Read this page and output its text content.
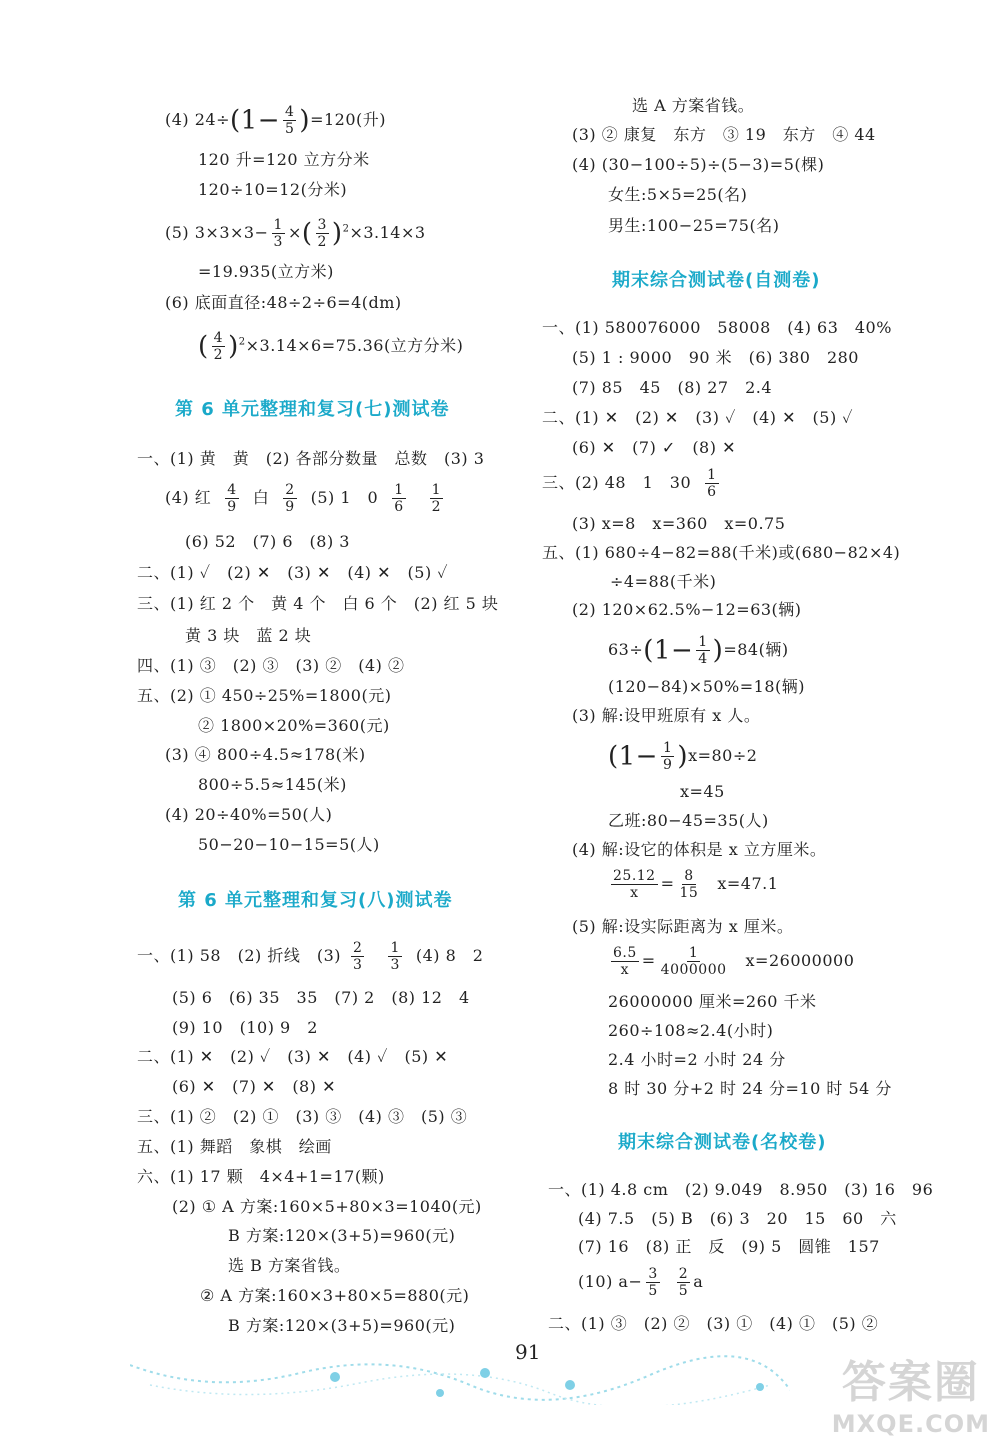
(4) $24\div(1- \frac{4}{5} )=120$(升)
120 升=120 立方分米
120÷10=12(分米)
(5) $3\times 3\times 3- \frac{1}{3}$ ×( $\frac{3}{2} )^2\times 3.14\times 3$
=19.935(立方米)
(6) 底面直径:48÷2÷6=4(dm)
( $\frac{4}{2} )^2\times 3.14\times 6=75.36$(立方分米)
第 6 单元整理和复习(七)测试卷
一、(1) 黄　黄　(2) 各部分数量　总数　(3) 3
(4) 红 $\frac{4}{9}$ 白 $\frac{2}{9} (5)$ 1　$0 \frac{1}{6} \frac{1}{2}$
(6) 52　(7) 6　(8) 3
二、(1) ✓　(2) ✕　(3) ✕　(4) ✕　(5) ✓
三、(1) 红 2 个　黄 4 个　白 6 个　(2) 红 5 块
黄 3 块　蓝 2 块
四、(1) ③　(2) ③　(3) ②　(4) ②
五、(2) ① 450÷25%=1800(元)
② 1800×20%=360(元)
(3) ④ 800÷4.5≈178(米)
800÷5.5≈145(米)
(4) 20÷40%=50(人)
50−20−10−15=5(人)
第 6 单元整理和复习(八)测试卷
一、(1) 58　(2) 折线　$(3) \frac{2}{3} \frac{1}{3} (4)$ 8　2
(5) 6　(6) 35　35　(7) 2　(8) 12　4
(9) 10　(10) 9　2
二、(1) ✕　(2) ✓　(3) ✕　(4) ✓　(5) ✕
(6) ✕　(7) ✕　(8) ✕
三、(1) ②　(2) ①　(3) ③　(4) ③　(5) ③
五、(1) 舞蹈　象棋　绘画
六、(1) 17 颗　4×4+1=17(颗)
(2) ① A 方案:160×5+80×3=1040(元)
B 方案:120×(3+5)=960(元)
选 B 方案省钱。
② A 方案:160×3+80×5=880(元)
B 方案:120×(3+5)=960(元)
选 A 方案省钱。
(3) ② 康复　东方　③ 19　东方　④ 44
(4) (30−100÷5)÷(5−3)=5(棵)
女生:5×5=25(名)
男生:100−25=75(名)
期末综合测试卷(自测卷)
一、(1) 580076000　58008　(4) 63　40%
(5) 1 : 9000　90 米　(6) 380　280
(7) 85　45　(8) 27　2.4
二、(1) ✕　(2) ✕　(3) ✓　(4) ✕　(5) ✓
(6) ✕　(7) ✓　(8) ✕
三、(2) 48　1　$30 \frac{1}{6}$
(3) x=8　x=360　x=0.75
五、(1) 680÷4−82=88(千米)或(680−82×4)
÷4=88(千米)
(2) 120×62.5%−12=63(辆)
$63\div(1- \frac{1}{4} )=84$(辆)
(120−84)×50%=18(辆)
(3) 解:设甲班原有 x 人。
$(1- \frac{1}{9} )x=80\div 2$
x=45
乙班:80−45=35(人)
(4) 解:设它的体积是 x 立方厘米。
$\frac{25.12}{x} = \frac{8}{15} x=47.1$
(5) 解:设实际距离为 x 厘米。
$\frac{6.5}{x} = \frac{1}{4000000} x=26000000$
26000000 厘米=260 千米
260÷108≈2.4(小时)
2.4 小时=2 小时 24 分
8 时 30 分+2 时 24 分=10 时 54 分
期末综合测试卷(名校卷)
一、(1) 4.8 cm　(2) 9.049　8.950　(3) 16　96
(4) 7.5　(5) B　(6) 3　20　15　60　六
(7) 16　(8) 正　反　(9) 5　圆锥　157
(10) $a- \frac{3}{5} \frac{2}{5}$ a
二、(1) ③　(2) ②　(3) ①　(4) ①　(5) ②
91
答案圈
MXQE.COM
